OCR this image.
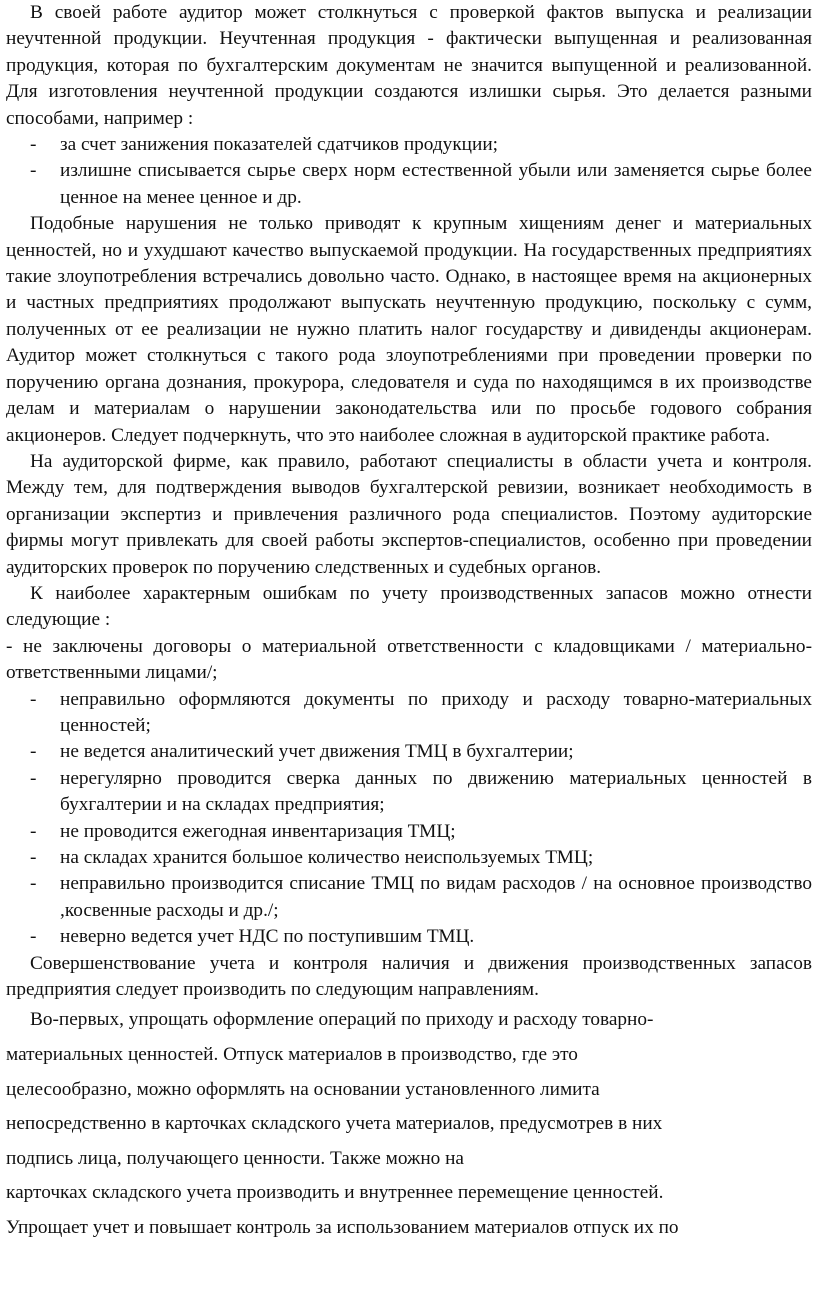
В своей работе аудитор может столкнуться с проверкой фактов выпуска и реализации неучтенной продукции. Неучтенная продукция - фактически выпущенная и реализованная продукция, которая по бухгалтерским документам не значится выпущенной и реализованной. Для изготовления неучтенной продукции создаются излишки сырья. Это делается разными способами, например :

- за счет занижения показателей сдатчиков продукции;

- излишне списывается сырье сверх норм естественной убыли или заменяется сырье более ценное на менее ценное и др.

Подобные нарушения не только приводят к крупным хищениям денег и материальных ценностей, но и ухудшают качество выпускаемой продукции. На государственных предприятиях такие злоупотребления встречались довольно часто. Однако, в настоящее время на акционерных и частных предприятиях продолжают выпускать неучтенную продукцию, поскольку с сумм, полученных от ее реализации не нужно платить налог государству и дивиденды акционерам. Аудитор может столкнуться с такого рода злоупотреблениями при проведении проверки по поручению органа дознания, прокурора, следователя и суда по находящимся в их производстве делам и материалам о нарушении законодательства или по просьбе годового собрания акционеров. Следует подчеркнуть, что это наиболее сложная в аудиторской практике работа.

На аудиторской фирме, как правило, работают специалисты в области учета и контроля. Между тем, для подтверждения выводов бухгалтерской ревизии, возникает необходимость в организации экспертиз и привлечения различного рода специалистов. Поэтому аудиторские фирмы могут привлекать для своей работы экспертов-специалистов, особенно при проведении аудиторских проверок по поручению следственных и судебных органов.

К наиболее характерным ошибкам по учету производственных запасов можно отнести следующие :

- не заключены договоры о материальной ответственности с кладовщиками / материально-ответственными лицами/;

- неправильно оформляются документы по приходу и расходу товарно-материальных ценностей;

- не ведется аналитический учет движения ТМЦ в бухгалтерии;

- нерегулярно проводится сверка данных по движению материальных ценностей в бухгалтерии и на складах предприятия;

- не проводится ежегодная инвентаризация ТМЦ;

- на складах хранится большое количество неиспользуемых ТМЦ;

- неправильно производится списание ТМЦ по видам расходов / на основное производство ,косвенные расходы и др./;

- неверно ведется учет НДС по поступившим ТМЦ.

Совершенствование учета и контроля наличия и движения производственных запасов предприятия следует производить по следующим направлениям.

Во-первых, упрощать оформление операций по приходу и расходу товарно-
материальных ценностей. Отпуск материалов в производство, где это
целесообразно, можно оформлять на основании установленного лимита
непосредственно в карточках складского учета материалов, предусмотрев в них
подпись лица, получающего ценности. Также можно на
карточках складского учета производить и внутреннее перемещение ценностей.
Упрощает учет и повышает контроль за использованием материалов отпуск их по
